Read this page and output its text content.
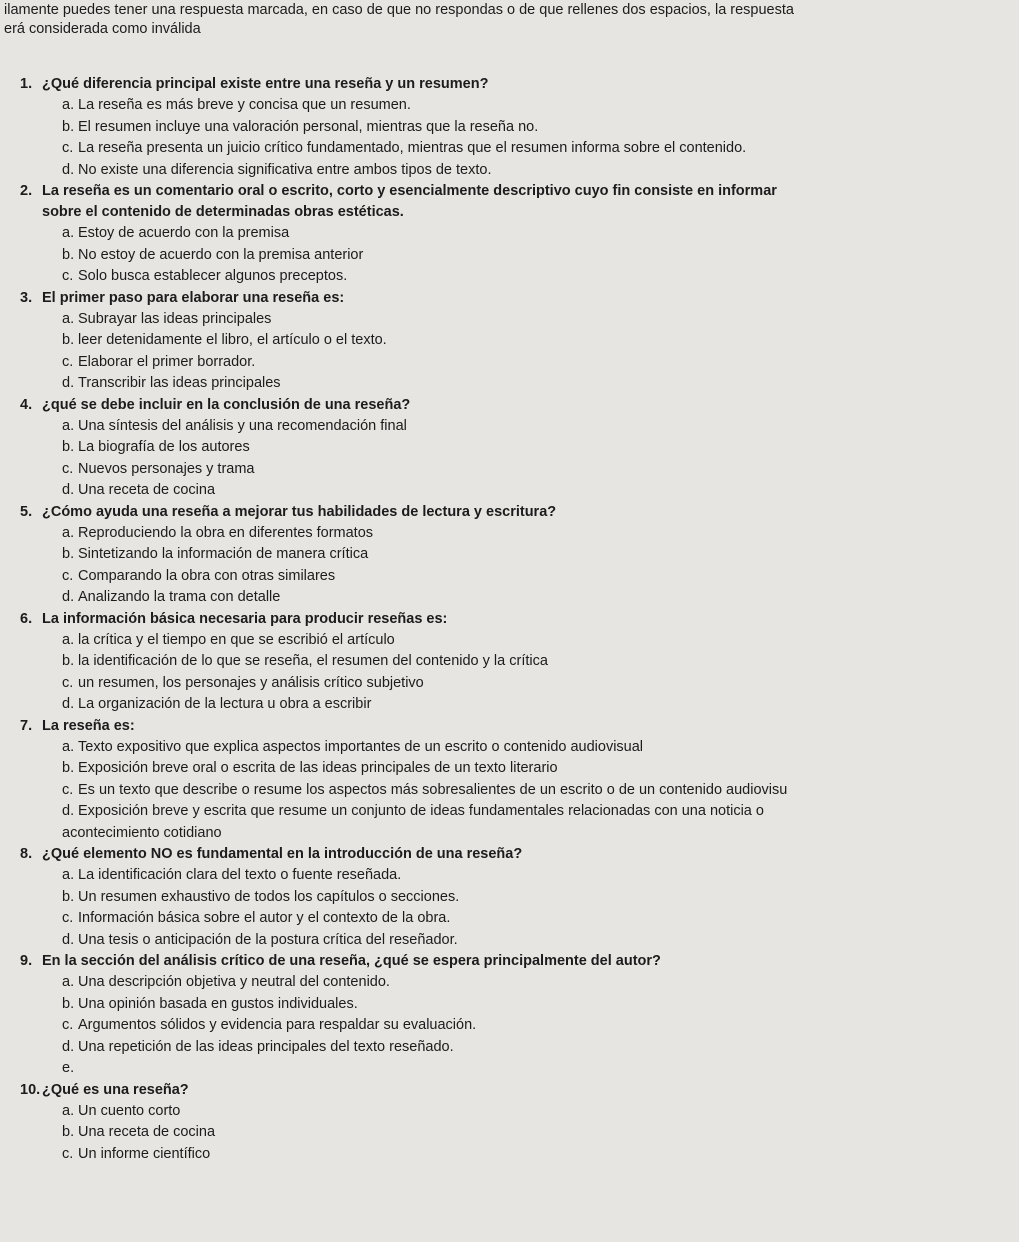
ilamente puedes tener una respuesta marcada, en caso de que no respondas o de que rellenes dos espacios, la respuesta
erá considerada como inválida
1. ¿Qué diferencia principal existe entre una reseña y un resumen?
a. La reseña es más breve y concisa que un resumen.
b. El resumen incluye una valoración personal, mientras que la reseña no.
c. La reseña presenta un juicio crítico fundamentado, mientras que el resumen informa sobre el contenido.
d. No existe una diferencia significativa entre ambos tipos de texto.
2. La reseña es un comentario oral o escrito, corto y esencialmente descriptivo cuyo fin consiste en informar
sobre el contenido de determinadas obras estéticas.
a. Estoy de acuerdo con la premisa
b. No estoy de acuerdo con la premisa anterior
c. Solo busca establecer algunos preceptos.
3. El primer paso para elaborar una reseña es:
a. Subrayar las ideas principales
b. leer detenidamente el libro, el artículo o el texto.
c. Elaborar el primer borrador.
d. Transcribir las ideas principales
4. ¿qué se debe incluir en la conclusión de una reseña?
a. Una síntesis del análisis y una recomendación final
b. La biografía de los autores
c. Nuevos personajes y trama
d. Una receta de cocina
5. ¿Cómo ayuda una reseña a mejorar tus habilidades de lectura y escritura?
a. Reproduciendo la obra en diferentes formatos
b. Sintetizando la información de manera crítica
c. Comparando la obra con otras similares
d. Analizando la trama con detalle
6. La información básica necesaria para producir reseñas es:
a. la crítica y el tiempo en que se escribió el artículo
b. la identificación de lo que se reseña, el resumen del contenido y la crítica
c. un resumen, los personajes y análisis crítico subjetivo
d. La organización de la lectura u obra a escribir
7. La reseña es:
a. Texto expositivo que explica aspectos importantes de un escrito o contenido audiovisual
b. Exposición breve oral o escrita de las ideas principales de un texto literario
c. Es un texto que describe o resume los aspectos más sobresalientes de un escrito o de un contenido audiovisu
d. Exposición breve y escrita que resume un conjunto de ideas fundamentales relacionadas con una noticia o
acontecimiento cotidiano
8. ¿Qué elemento NO es fundamental en la introducción de una reseña?
a. La identificación clara del texto o fuente reseñada.
b. Un resumen exhaustivo de todos los capítulos o secciones.
c. Información básica sobre el autor y el contexto de la obra.
d. Una tesis o anticipación de la postura crítica del reseñador.
9. En la sección del análisis crítico de una reseña, ¿qué se espera principalmente del autor?
a. Una descripción objetiva y neutral del contenido.
b. Una opinión basada en gustos individuales.
c. Argumentos sólidos y evidencia para respaldar su evaluación.
d. Una repetición de las ideas principales del texto reseñado.
e.
10. ¿Qué es una reseña?
a. Un cuento corto
b. Una receta de cocina
c. Un informe científico
